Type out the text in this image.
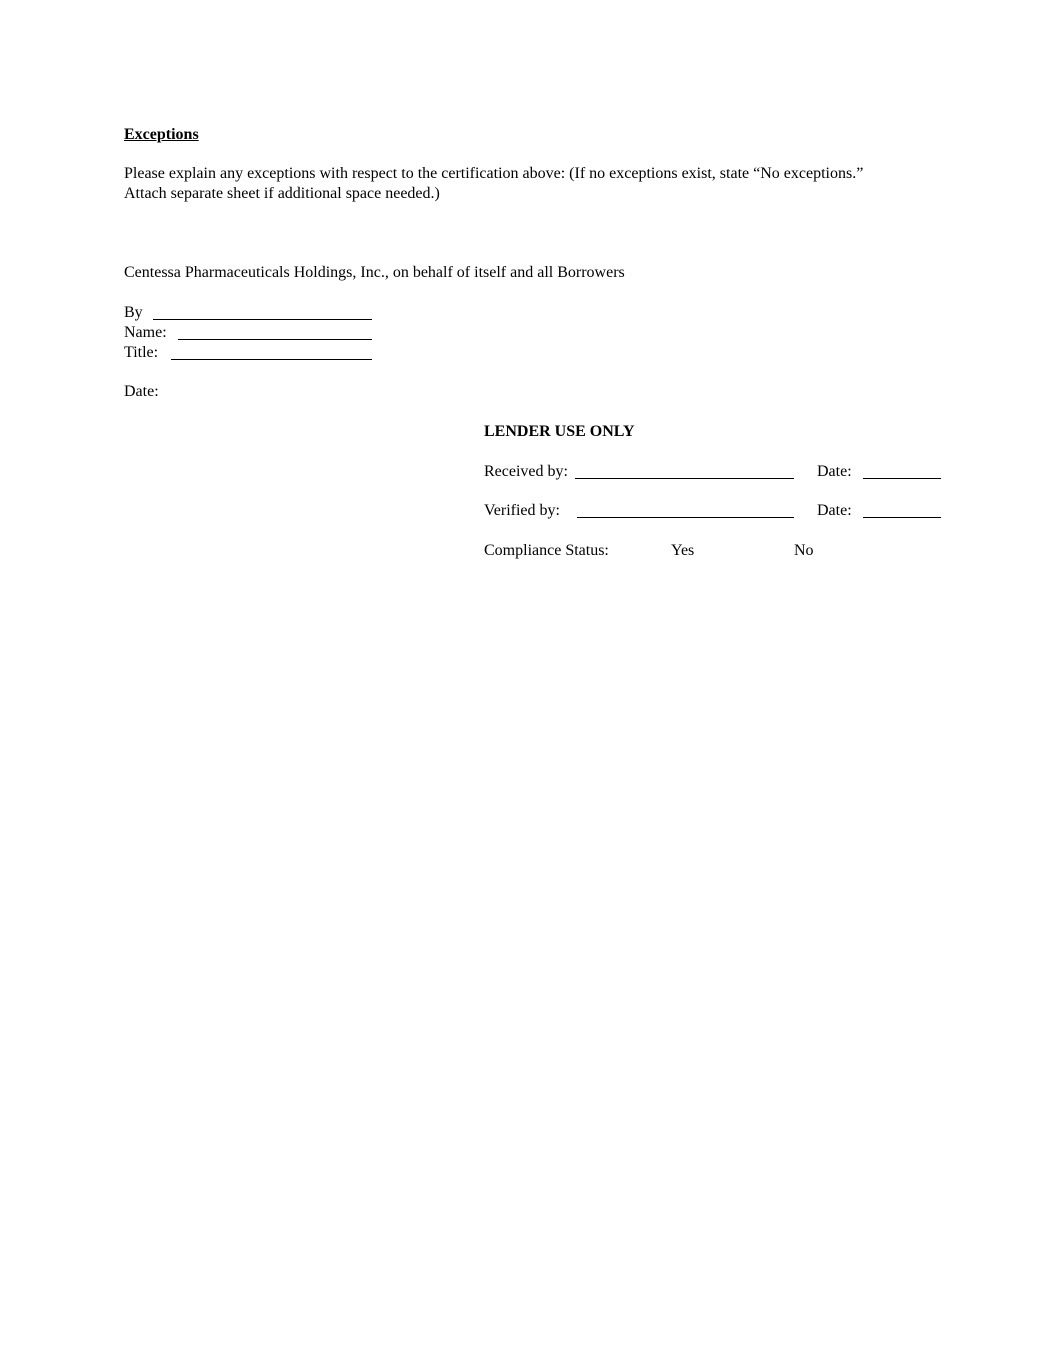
Exceptions
Please explain any exceptions with respect to the certification above: (If no exceptions exist, state “No exceptions.”
Attach separate sheet if additional space needed.)
Centessa Pharmaceuticals Holdings, Inc., on behalf of itself and all Borrowers
By
Name:
Title:
Date:
LENDER USE ONLY
Received by:	Date:
Verified by:	Date:
Compliance Status:	Yes	No
